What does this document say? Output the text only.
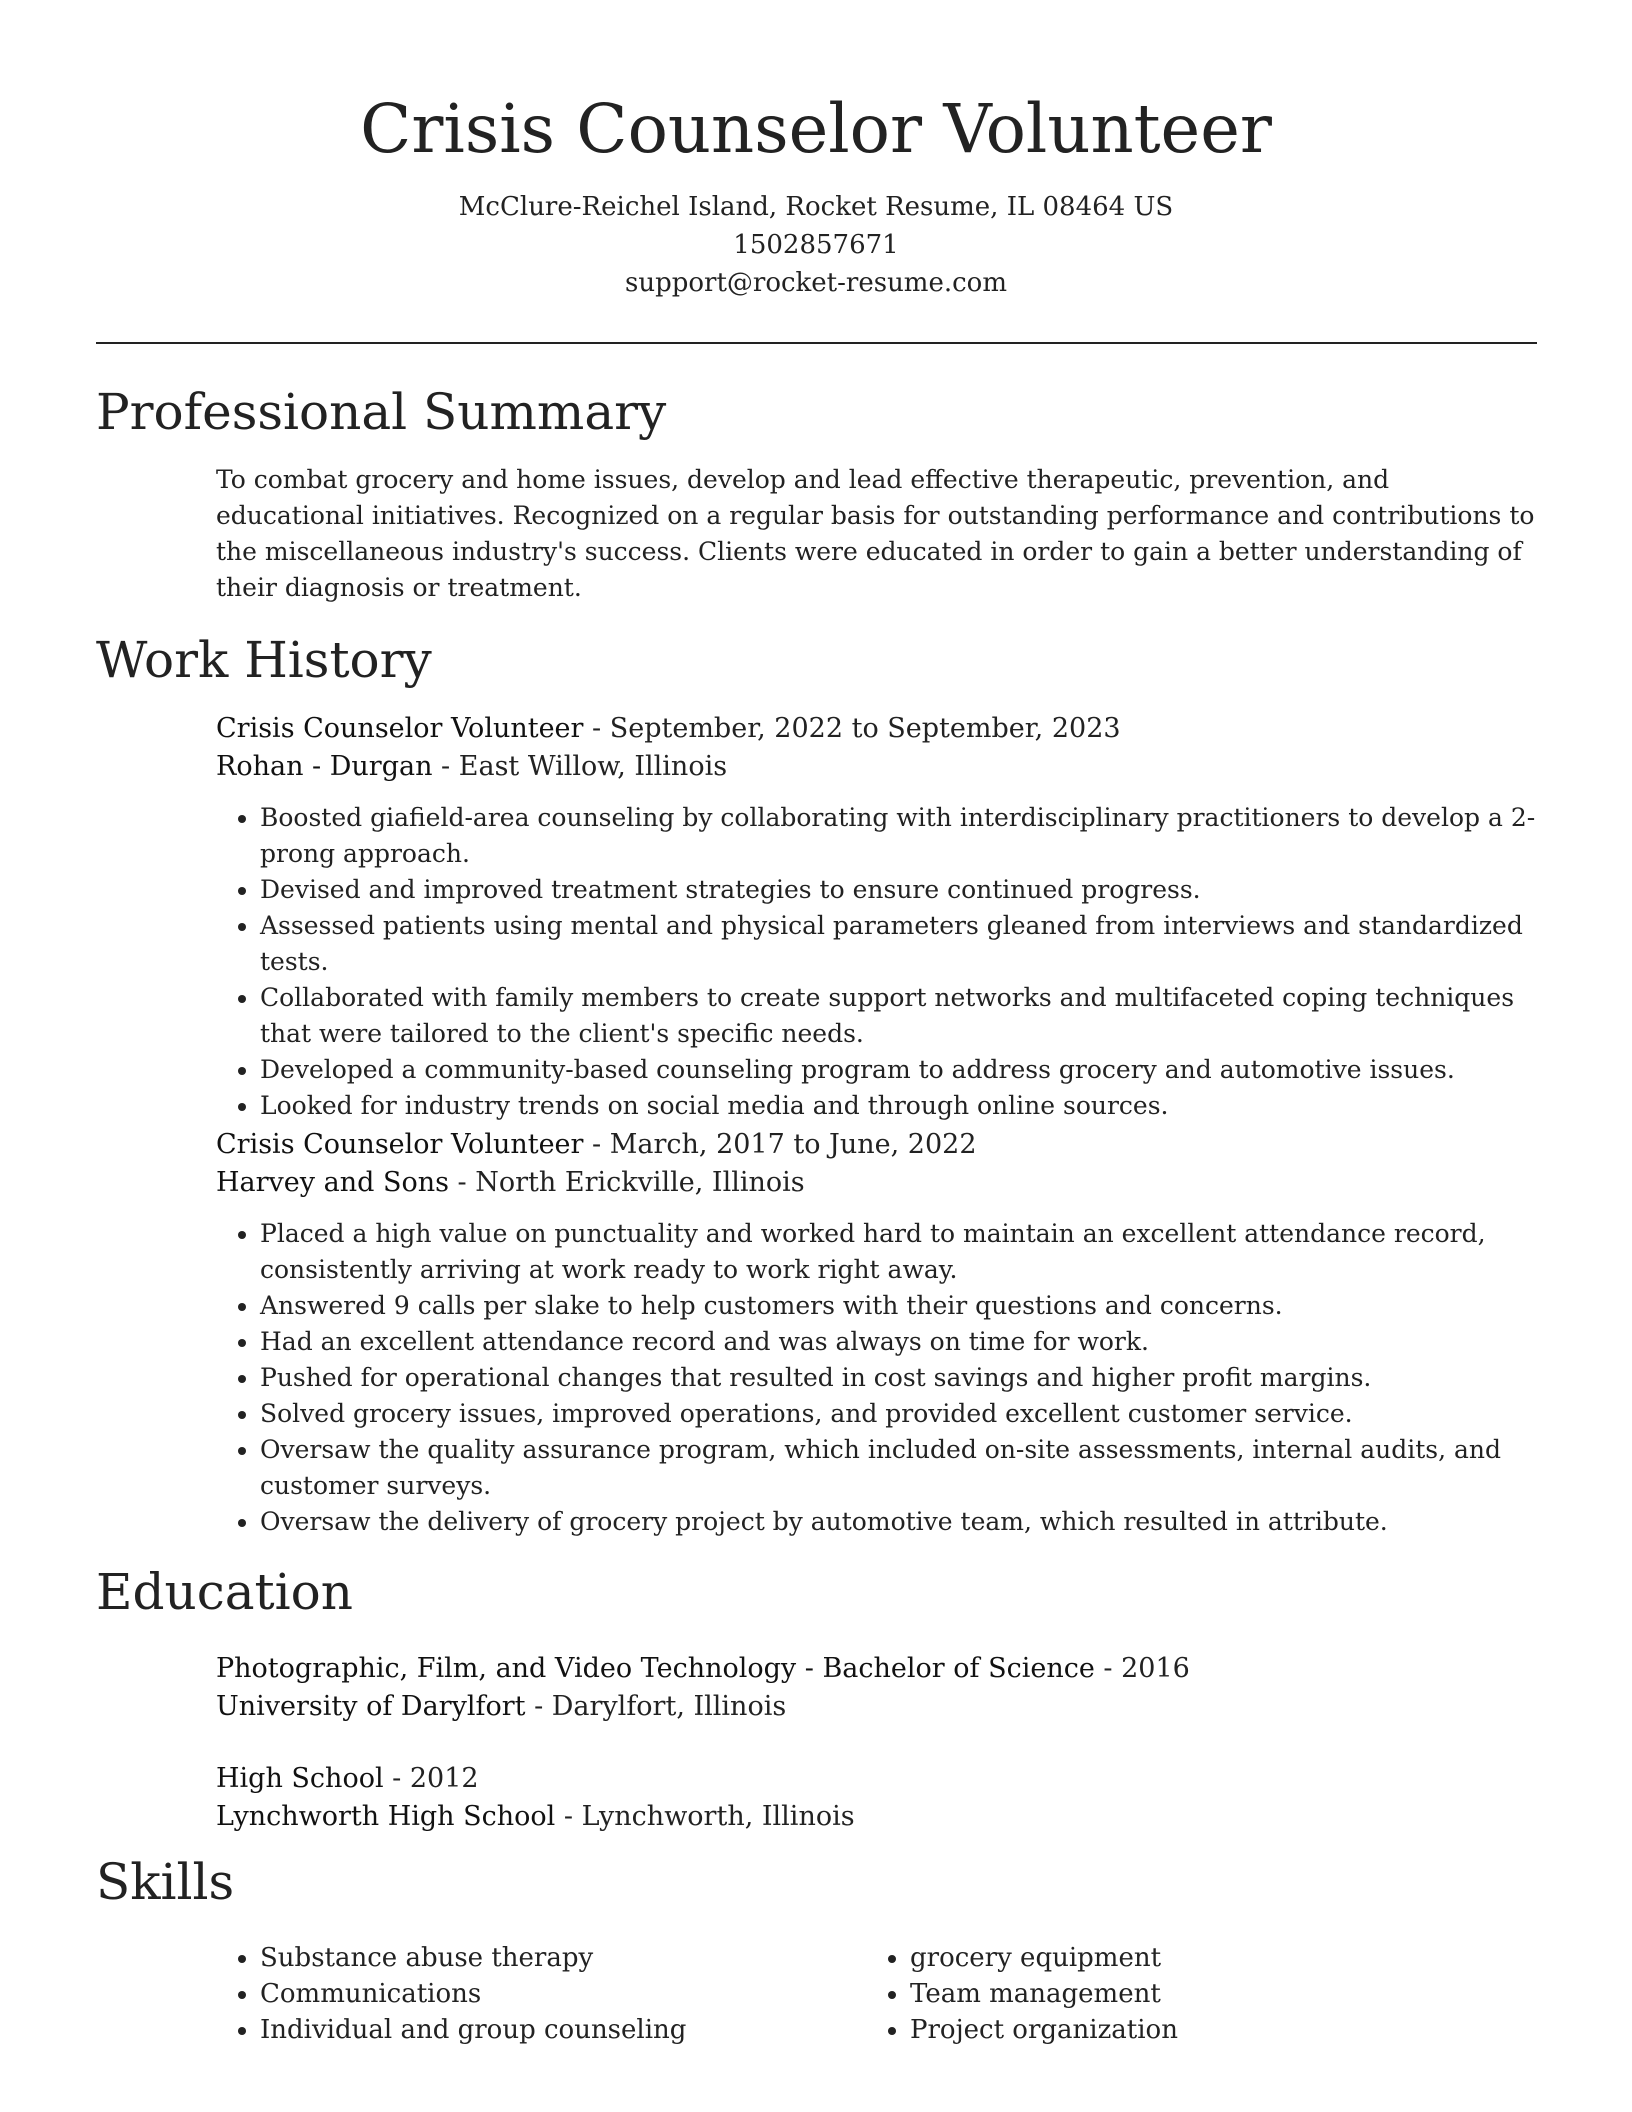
Crisis Counselor Volunteer
McClure-Reichel Island, Rocket Resume, IL 08464 US
1502857671
support@rocket-resume.com
Professional Summary
To combat grocery and home issues, develop and lead effective therapeutic, prevention, and educational initiatives. Recognized on a regular basis for outstanding performance and contributions to the miscellaneous industry's success. Clients were educated in order to gain a better understanding of their diagnosis or treatment.
Work History
Crisis Counselor Volunteer - September, 2022 to September, 2023
Rohan - Durgan - East Willow, Illinois
• Boosted giafield-area counseling by collaborating with interdisciplinary practitioners to develop a 2-prong approach.
• Devised and improved treatment strategies to ensure continued progress.
• Assessed patients using mental and physical parameters gleaned from interviews and standardized tests.
• Collaborated with family members to create support networks and multifaceted coping techniques that were tailored to the client's specific needs.
• Developed a community-based counseling program to address grocery and automotive issues.
• Looked for industry trends on social media and through online sources.
Crisis Counselor Volunteer - March, 2017 to June, 2022
Harvey and Sons - North Erickville, Illinois
• Placed a high value on punctuality and worked hard to maintain an excellent attendance record, consistently arriving at work ready to work right away.
• Answered 9 calls per slake to help customers with their questions and concerns.
• Had an excellent attendance record and was always on time for work.
• Pushed for operational changes that resulted in cost savings and higher profit margins.
• Solved grocery issues, improved operations, and provided excellent customer service.
• Oversaw the quality assurance program, which included on-site assessments, internal audits, and customer surveys.
• Oversaw the delivery of grocery project by automotive team, which resulted in attribute.
Education
Photographic, Film, and Video Technology - Bachelor of Science - 2016
University of Darylfort - Darylfort, Illinois
High School - 2012
Lynchworth High School - Lynchworth, Illinois
Skills
• Substance abuse therapy
• Communications
• Individual and group counseling
• grocery equipment
• Team management
• Project organization
